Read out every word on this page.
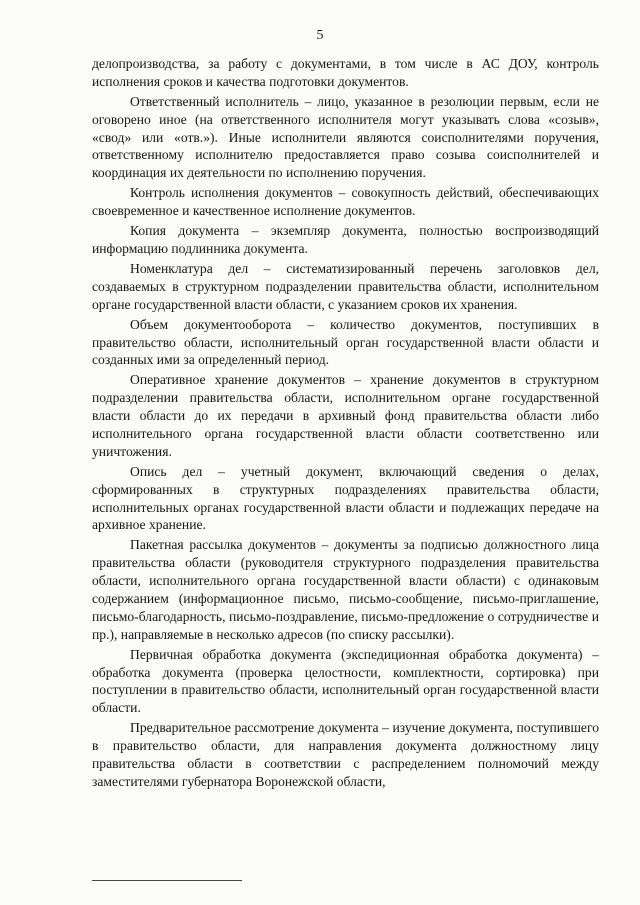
5

делопроизводства, за работу с документами, в том числе в АС ДОУ, контроль исполнения сроков и качества подготовки документов.

Ответственный исполнитель – лицо, указанное в резолюции первым, если не оговорено иное (на ответственного исполнителя могут указывать слова «созыв», «свод» или «отв.»). Иные исполнители являются соисполнителями поручения, ответственному исполнителю предоставляется право созыва соисполнителей и координация их деятельности по исполнению поручения.

Контроль исполнения документов – совокупность действий, обеспечивающих своевременное и качественное исполнение документов.

Копия документа – экземпляр документа, полностью воспроизводящий информацию подлинника документа.

Номенклатура дел – систематизированный перечень заголовков дел, создаваемых в структурном подразделении правительства области, исполнительном органе государственной власти области, с указанием сроков их хранения.

Объем документооборота – количество документов, поступивших в правительство области, исполнительный орган государственной власти области и созданных ими за определенный период.

Оперативное хранение документов – хранение документов в структурном подразделении правительства области, исполнительном органе государственной власти области до их передачи в архивный фонд правительства области либо исполнительного органа государственной власти области соответственно или уничтожения.

Опись дел – учетный документ, включающий сведения о делах, сформированных в структурных подразделениях правительства области, исполнительных органах государственной власти области и подлежащих передаче на архивное хранение.

Пакетная рассылка документов – документы за подписью должностного лица правительства области (руководителя структурного подразделения правительства области, исполнительного органа государственной власти области) с одинаковым содержанием (информационное письмо, письмо-сообщение, письмо-приглашение, письмо-благодарность, письмо-поздравление, письмо-предложение о сотрудничестве и пр.), направляемые в несколько адресов (по списку рассылки).

Первичная обработка документа (экспедиционная обработка документа) – обработка документа (проверка целостности, комплектности, сортировка) при поступлении в правительство области, исполнительный орган государственной власти области.

Предварительное рассмотрение документа – изучение документа, поступившего в правительство области, для направления документа должностному лицу правительства области в соответствии с распределением полномочий между заместителями губернатора Воронежской области,
